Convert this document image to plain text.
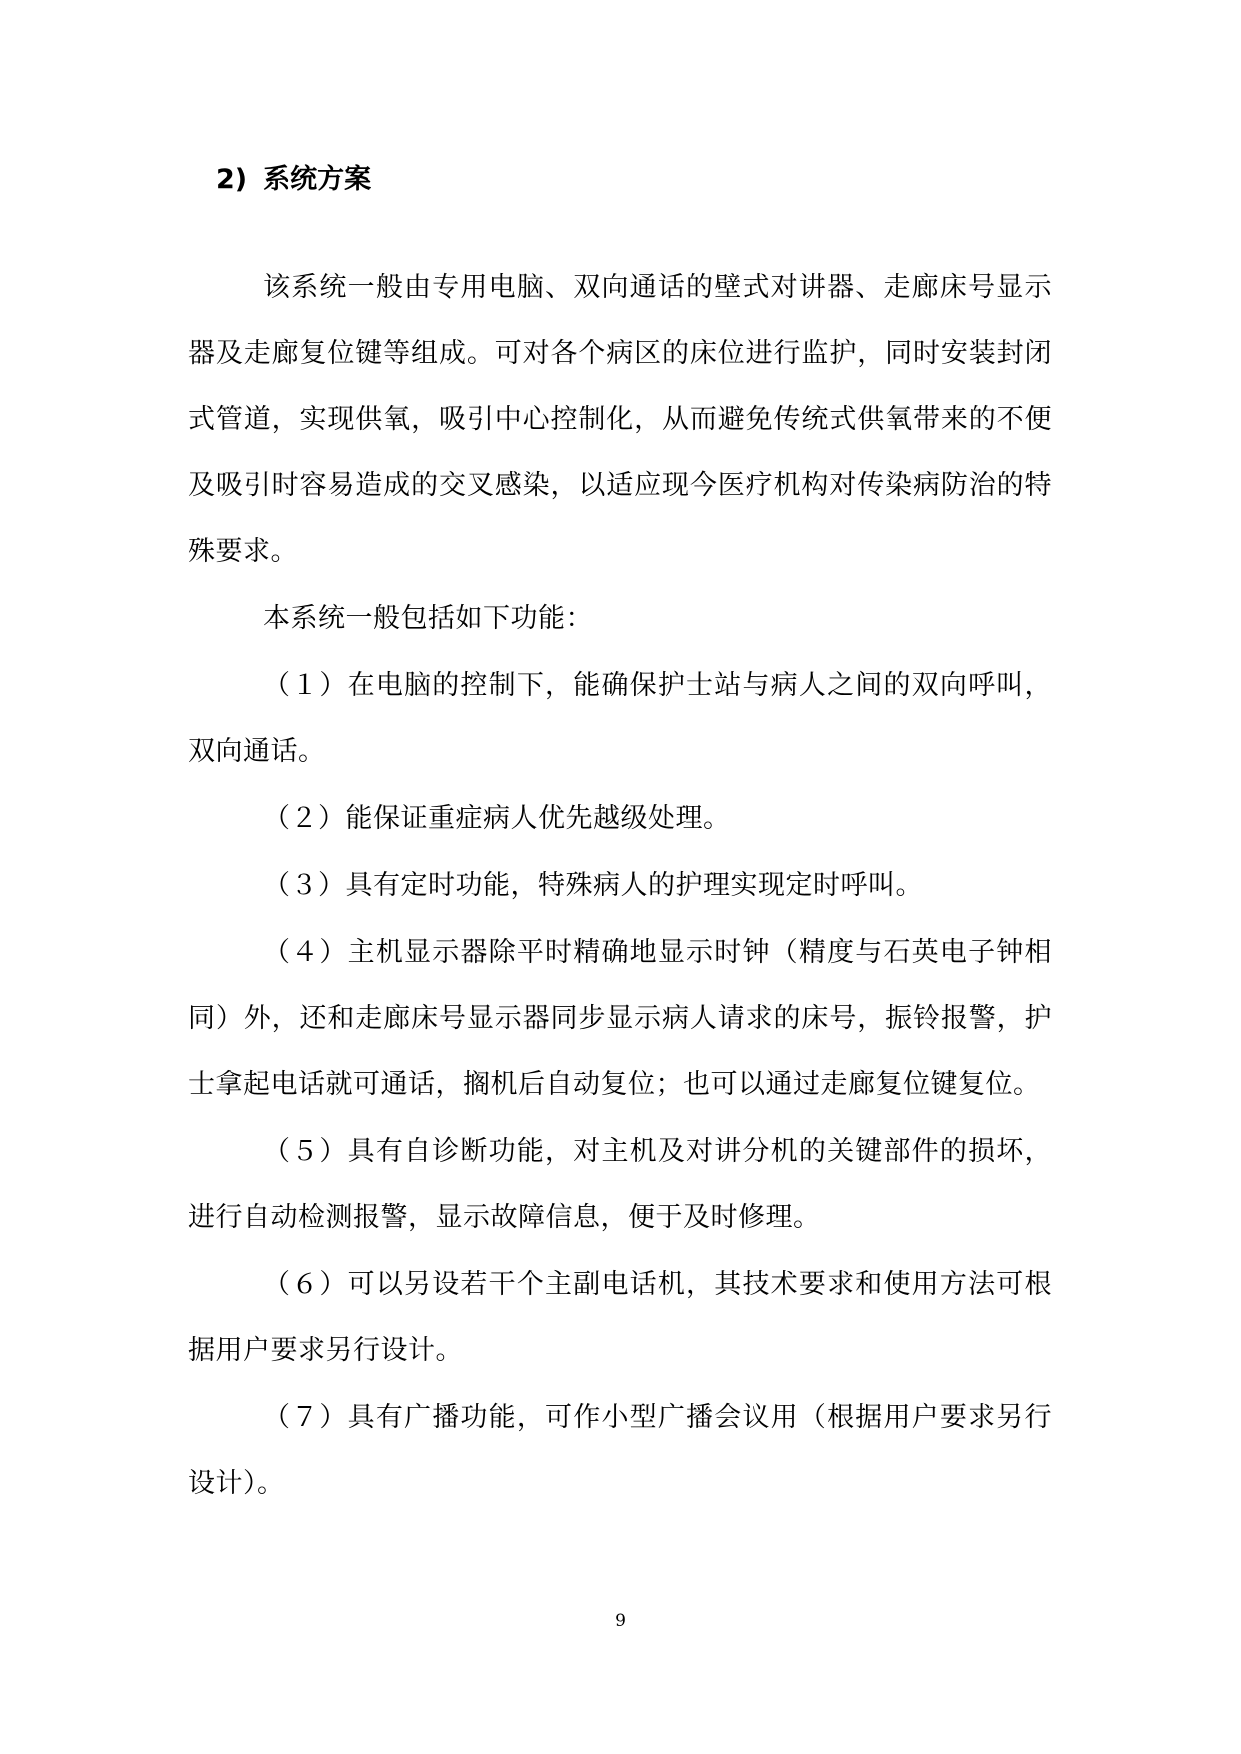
2) 系统方案

该系统一般由专用电脑、双向通话的壁式对讲器、走廊床号显示器及走廊复位键等组成。可对各个病区的床位进行监护，同时安装封闭式管道，实现供氧，吸引中心控制化，从而避免传统式供氧带来的不便及吸引时容易造成的交叉感染，以适应现今医疗机构对传染病防治的特殊要求。

本系统一般包括如下功能：

（１）在电脑的控制下，能确保护士站与病人之间的双向呼叫，双向通话。

（２）能保证重症病人优先越级处理。

（３）具有定时功能，特殊病人的护理实现定时呼叫。

（４）主机显示器除平时精确地显示时钟（精度与石英电子钟相同）外，还和走廊床号显示器同步显示病人请求的床号，振铃报警，护士拿起电话就可通话，搁机后自动复位；也可以通过走廊复位键复位。

（５）具有自诊断功能，对主机及对讲分机的关键部件的损坏，进行自动检测报警，显示故障信息，便于及时修理。

（６）可以另设若干个主副电话机，其技术要求和使用方法可根据用户要求另行设计。

（７）具有广播功能，可作小型广播会议用（根据用户要求另行设计）。

9
